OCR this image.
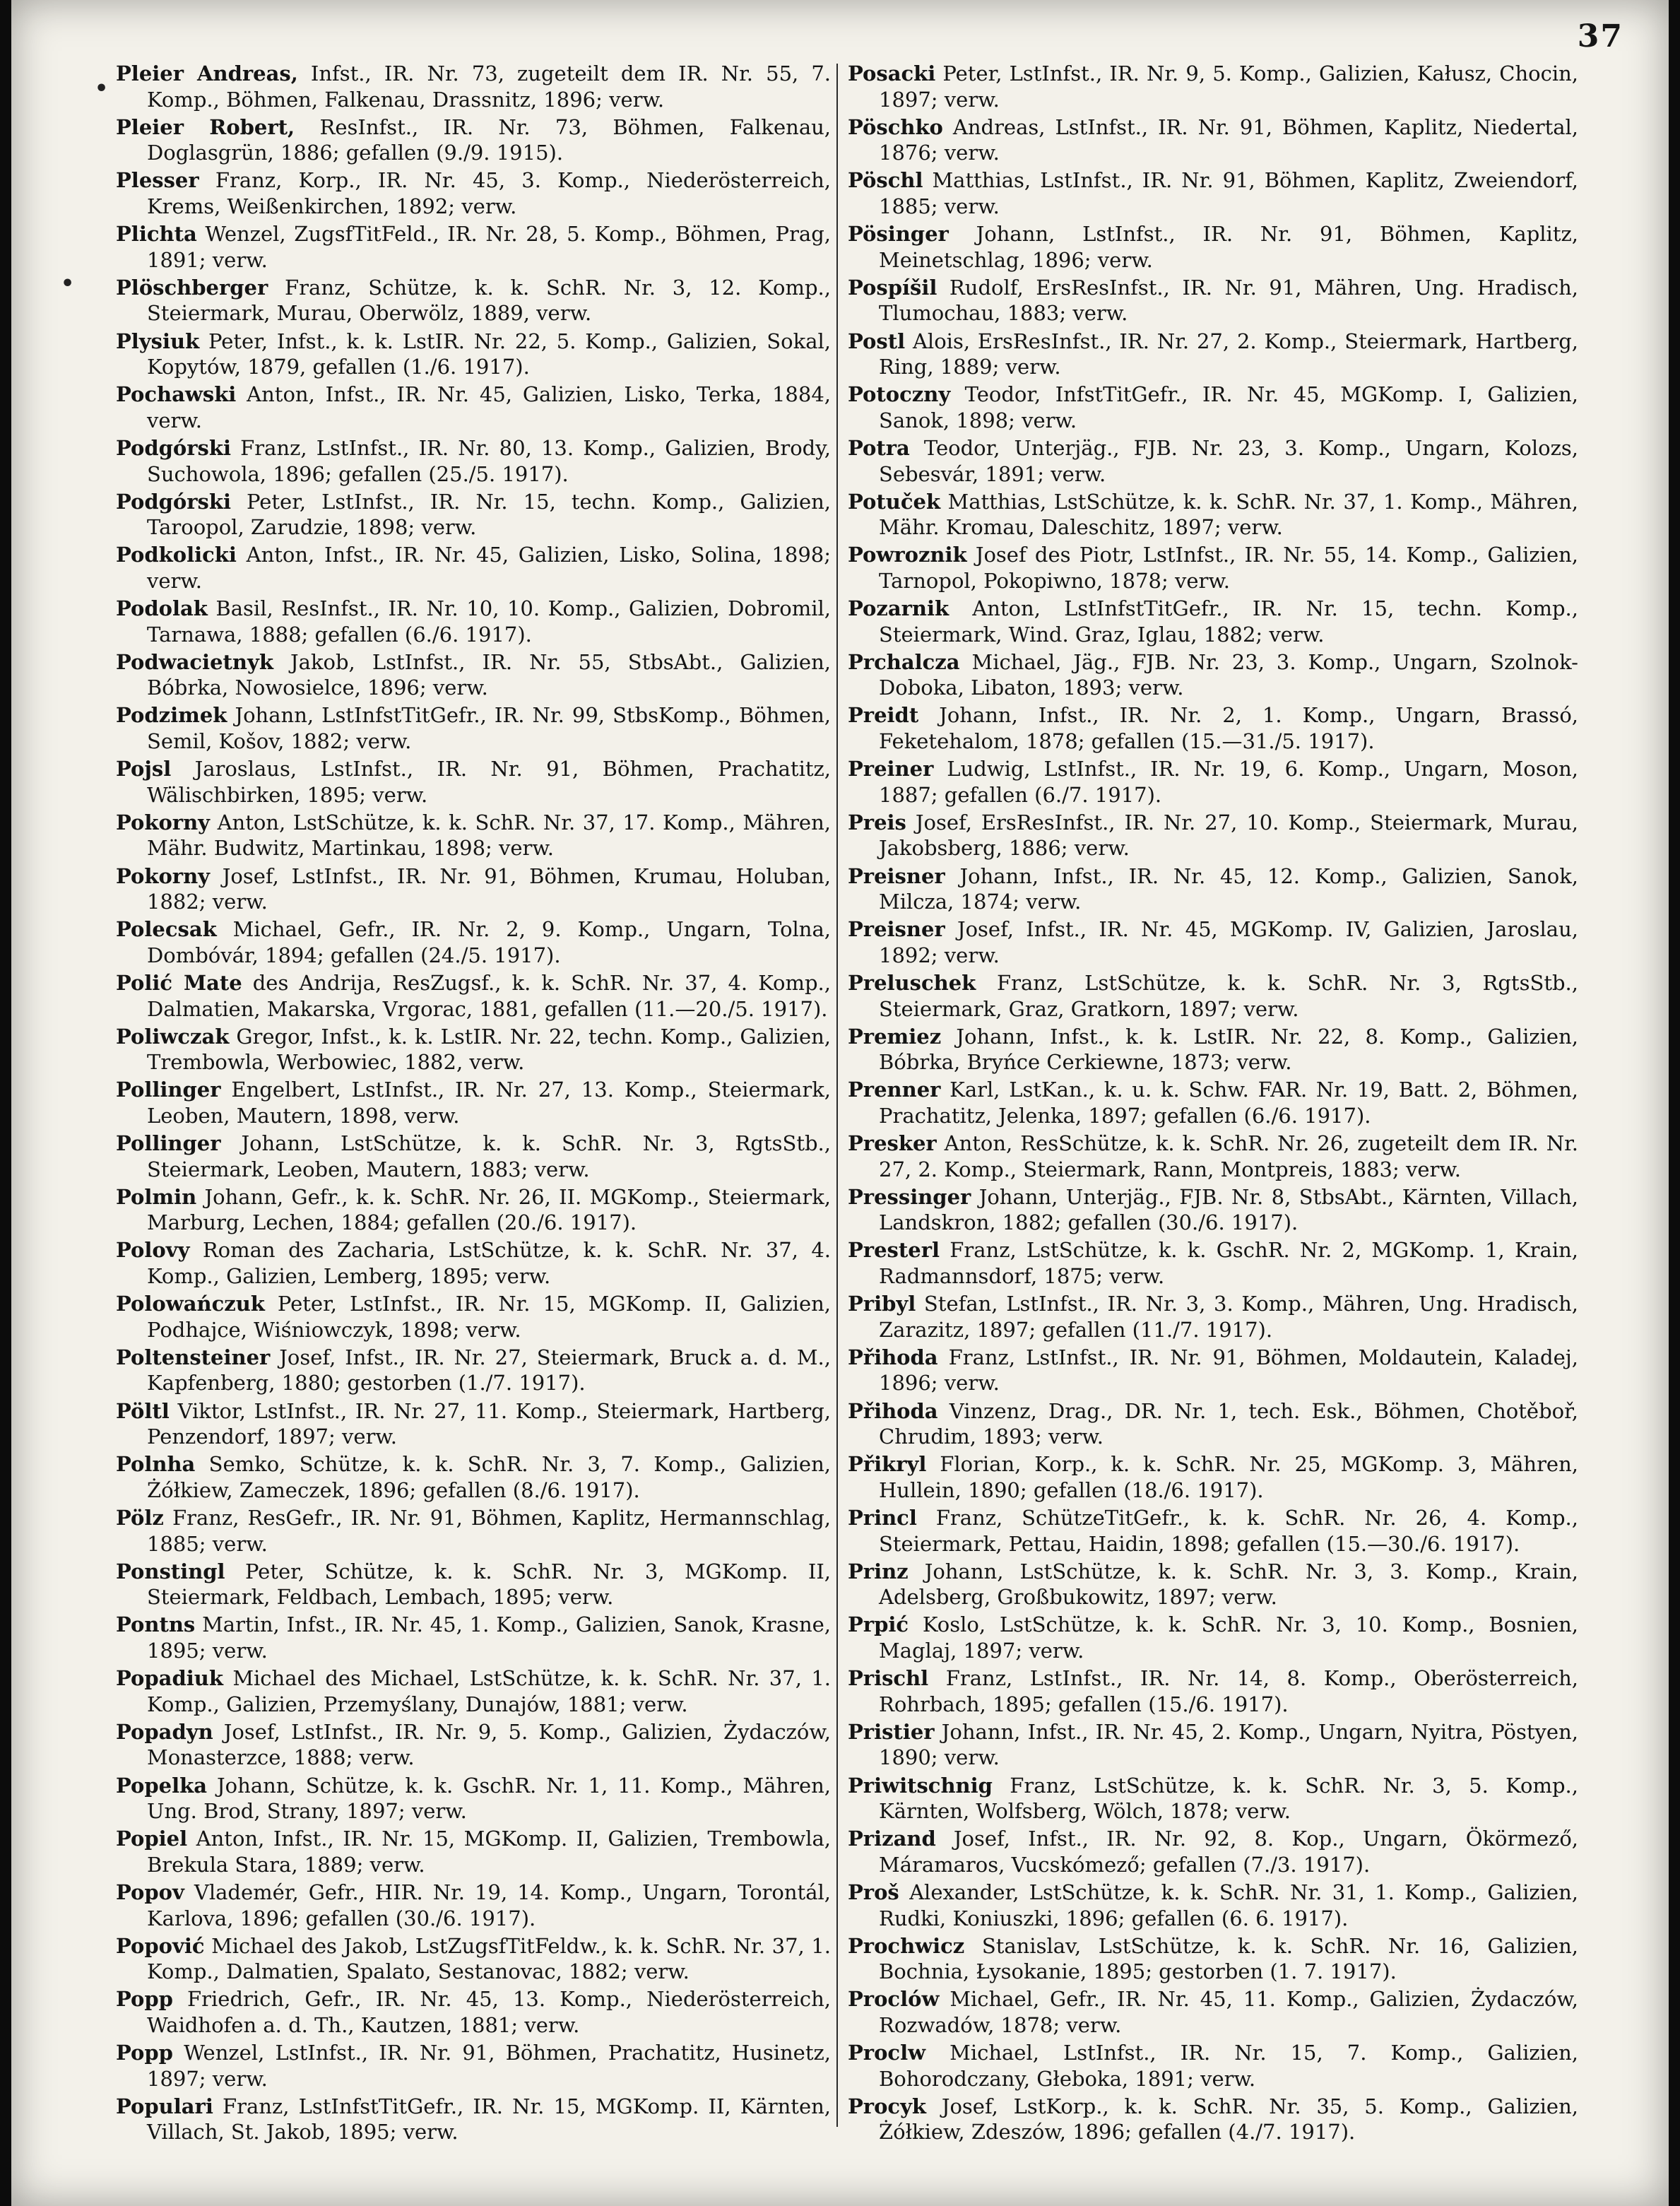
37
•
•
Pleier Andreas, Infst., IR. Nr. 73, zugeteilt dem IR. Nr. 55, 7. Komp., Böhmen, Falkenau, Drassnitz, 1896; verw.
Pleier Robert, ResInfst., IR. Nr. 73, Böhmen, Falkenau, Doglasgrün, 1886; gefallen (9./9. 1915).
Plesser Franz, Korp., IR. Nr. 45, 3. Komp., Niederösterreich, Krems, Weißenkirchen, 1892; verw.
Plichta Wenzel, ZugsfTitFeld., IR. Nr. 28, 5. Komp., Böhmen, Prag, 1891; verw.
Plöschberger Franz, Schütze, k. k. SchR. Nr. 3, 12. Komp., Steiermark, Murau, Oberwölz, 1889, verw.
Plysiuk Peter, Infst., k. k. LstIR. Nr. 22, 5. Komp., Galizien, Sokal, Kopytów, 1879, gefallen (1./6. 1917).
Pochawski Anton, Infst., IR. Nr. 45, Galizien, Lisko, Terka, 1884, verw.
Podgórski Franz, LstInfst., IR. Nr. 80, 13. Komp., Galizien, Brody, Suchowola, 1896; gefallen (25./5. 1917).
Podgórski Peter, LstInfst., IR. Nr. 15, techn. Komp., Galizien, Taroopol, Zarudzie, 1898; verw.
Podkolicki Anton, Infst., IR. Nr. 45, Galizien, Lisko, Solina, 1898; verw.
Podolak Basil, ResInfst., IR. Nr. 10, 10. Komp., Galizien, Dobromil, Tarnawa, 1888; gefallen (6./6. 1917).
Podwacietnyk Jakob, LstInfst., IR. Nr. 55, StbsAbt., Galizien, Bóbrka, Nowosielce, 1896; verw.
Podzimek Johann, LstInfstTitGefr., IR. Nr. 99, StbsKomp., Böhmen, Semil, Košov, 1882; verw.
Pojsl Jaroslaus, LstInfst., IR. Nr. 91, Böhmen, Prachatitz, Wälischbirken, 1895; verw.
Pokorny Anton, LstSchütze, k. k. SchR. Nr. 37, 17. Komp., Mähren, Mähr. Budwitz, Martinkau, 1898; verw.
Pokorny Josef, LstInfst., IR. Nr. 91, Böhmen, Krumau, Holuban, 1882; verw.
Polecsak Michael, Gefr., IR. Nr. 2, 9. Komp., Ungarn, Tolna, Dombóvár, 1894; gefallen (24./5. 1917).
Polić Mate des Andrija, ResZugsf., k. k. SchR. Nr. 37, 4. Komp., Dalmatien, Makarska, Vrgorac, 1881, gefallen (11.—20./5. 1917).
Poliwczak Gregor, Infst., k. k. LstIR. Nr. 22, techn. Komp., Galizien, Trembowla, Werbowiec, 1882, verw.
Pollinger Engelbert, LstInfst., IR. Nr. 27, 13. Komp., Steiermark, Leoben, Mautern, 1898, verw.
Pollinger Johann, LstSchütze, k. k. SchR. Nr. 3, RgtsStb., Steiermark, Leoben, Mautern, 1883; verw.
Polmin Johann, Gefr., k. k. SchR. Nr. 26, II. MGKomp., Steiermark, Marburg, Lechen, 1884; gefallen (20./6. 1917).
Polovy Roman des Zacharia, LstSchütze, k. k. SchR. Nr. 37, 4. Komp., Galizien, Lemberg, 1895; verw.
Polowańczuk Peter, LstInfst., IR. Nr. 15, MGKomp. II, Galizien, Podhajce, Wiśniowczyk, 1898; verw.
Poltensteiner Josef, Infst., IR. Nr. 27, Steiermark, Bruck a. d. M., Kapfenberg, 1880; gestorben (1./7. 1917).
Pöltl Viktor, LstInfst., IR. Nr. 27, 11. Komp., Steiermark, Hartberg, Penzendorf, 1897; verw.
Polnha Semko, Schütze, k. k. SchR. Nr. 3, 7. Komp., Galizien, Żółkiew, Zameczek, 1896; gefallen (8./6. 1917).
Pölz Franz, ResGefr., IR. Nr. 91, Böhmen, Kaplitz, Hermannschlag, 1885; verw.
Ponstingl Peter, Schütze, k. k. SchR. Nr. 3, MGKomp. II, Steiermark, Feldbach, Lembach, 1895; verw.
Pontns Martin, Infst., IR. Nr. 45, 1. Komp., Galizien, Sanok, Krasne, 1895; verw.
Popadiuk Michael des Michael, LstSchütze, k. k. SchR. Nr. 37, 1. Komp., Galizien, Przemyślany, Dunajów, 1881; verw.
Popadyn Josef, LstInfst., IR. Nr. 9, 5. Komp., Galizien, Żydaczów, Monasterzce, 1888; verw.
Popelka Johann, Schütze, k. k. GschR. Nr. 1, 11. Komp., Mähren, Ung. Brod, Strany, 1897; verw.
Popiel Anton, Infst., IR. Nr. 15, MGKomp. II, Galizien, Trembowla, Brekula Stara, 1889; verw.
Popov Vlademér, Gefr., HIR. Nr. 19, 14. Komp., Ungarn, Torontál, Karlova, 1896; gefallen (30./6. 1917).
Popović Michael des Jakob, LstZugsfTitFeldw., k. k. SchR. Nr. 37, 1. Komp., Dalmatien, Spalato, Sestanovac, 1882; verw.
Popp Friedrich, Gefr., IR. Nr. 45, 13. Komp., Niederösterreich, Waidhofen a. d. Th., Kautzen, 1881; verw.
Popp Wenzel, LstInfst., IR. Nr. 91, Böhmen, Prachatitz, Husinetz, 1897; verw.
Populari Franz, LstInfstTitGefr., IR. Nr. 15, MGKomp. II, Kärnten, Villach, St. Jakob, 1895; verw.
Posacki Peter, LstInfst., IR. Nr. 9, 5. Komp., Galizien, Kałusz, Chocin, 1897; verw.
Pöschko Andreas, LstInfst., IR. Nr. 91, Böhmen, Kaplitz, Niedertal, 1876; verw.
Pöschl Matthias, LstInfst., IR. Nr. 91, Böhmen, Kaplitz, Zweiendorf, 1885; verw.
Pösinger Johann, LstInfst., IR. Nr. 91, Böhmen, Kaplitz, Meinetschlag, 1896; verw.
Pospíšil Rudolf, ErsResInfst., IR. Nr. 91, Mähren, Ung. Hradisch, Tlumochau, 1883; verw.
Postl Alois, ErsResInfst., IR. Nr. 27, 2. Komp., Steiermark, Hartberg, Ring, 1889; verw.
Potoczny Teodor, InfstTitGefr., IR. Nr. 45, MGKomp. I, Galizien, Sanok, 1898; verw.
Potra Teodor, Unterjäg., FJB. Nr. 23, 3. Komp., Ungarn, Kolozs, Sebesvár, 1891; verw.
Potuček Matthias, LstSchütze, k. k. SchR. Nr. 37, 1. Komp., Mähren, Mähr. Kromau, Daleschitz, 1897; verw.
Powroznik Josef des Piotr, LstInfst., IR. Nr. 55, 14. Komp., Galizien, Tarnopol, Pokopiwno, 1878; verw.
Pozarnik Anton, LstInfstTitGefr., IR. Nr. 15, techn. Komp., Steiermark, Wind. Graz, Iglau, 1882; verw.
Prchalcza Michael, Jäg., FJB. Nr. 23, 3. Komp., Ungarn, Szolnok-Doboka, Libaton, 1893; verw.
Preidt Johann, Infst., IR. Nr. 2, 1. Komp., Ungarn, Brassó, Feketehalom, 1878; gefallen (15.—31./5. 1917).
Preiner Ludwig, LstInfst., IR. Nr. 19, 6. Komp., Ungarn, Moson, 1887; gefallen (6./7. 1917).
Preis Josef, ErsResInfst., IR. Nr. 27, 10. Komp., Steiermark, Murau, Jakobsberg, 1886; verw.
Preisner Johann, Infst., IR. Nr. 45, 12. Komp., Galizien, Sanok, Milcza, 1874; verw.
Preisner Josef, Infst., IR. Nr. 45, MGKomp. IV, Galizien, Jaroslau, 1892; verw.
Preluschek Franz, LstSchütze, k. k. SchR. Nr. 3, RgtsStb., Steiermark, Graz, Gratkorn, 1897; verw.
Premiez Johann, Infst., k. k. LstIR. Nr. 22, 8. Komp., Galizien, Bóbrka, Bryńce Cerkiewne, 1873; verw.
Prenner Karl, LstKan., k. u. k. Schw. FAR. Nr. 19, Batt. 2, Böhmen, Prachatitz, Jelenka, 1897; gefallen (6./6. 1917).
Presker Anton, ResSchütze, k. k. SchR. Nr. 26, zugeteilt dem IR. Nr. 27, 2. Komp., Steiermark, Rann, Montpreis, 1883; verw.
Pressinger Johann, Unterjäg., FJB. Nr. 8, StbsAbt., Kärnten, Villach, Landskron, 1882; gefallen (30./6. 1917).
Presterl Franz, LstSchütze, k. k. GschR. Nr. 2, MGKomp. 1, Krain, Radmannsdorf, 1875; verw.
Pribyl Stefan, LstInfst., IR. Nr. 3, 3. Komp., Mähren, Ung. Hradisch, Zarazitz, 1897; gefallen (11./7. 1917).
Přihoda Franz, LstInfst., IR. Nr. 91, Böhmen, Moldautein, Kaladej, 1896; verw.
Přihoda Vinzenz, Drag., DR. Nr. 1, tech. Esk., Böhmen, Chotěboř, Chrudim, 1893; verw.
Přikryl Florian, Korp., k. k. SchR. Nr. 25, MGKomp. 3, Mähren, Hullein, 1890; gefallen (18./6. 1917).
Princl Franz, SchützeTitGefr., k. k. SchR. Nr. 26, 4. Komp., Steiermark, Pettau, Haidin, 1898; gefallen (15.—30./6. 1917).
Prinz Johann, LstSchütze, k. k. SchR. Nr. 3, 3. Komp., Krain, Adelsberg, Großbukowitz, 1897; verw.
Prpić Koslo, LstSchütze, k. k. SchR. Nr. 3, 10. Komp., Bosnien, Maglaj, 1897; verw.
Prischl Franz, LstInfst., IR. Nr. 14, 8. Komp., Oberösterreich, Rohrbach, 1895; gefallen (15./6. 1917).
Pristier Johann, Infst., IR. Nr. 45, 2. Komp., Ungarn, Nyitra, Pöstyen, 1890; verw.
Priwitschnig Franz, LstSchütze, k. k. SchR. Nr. 3, 5. Komp., Kärnten, Wolfsberg, Wölch, 1878; verw.
Prizand Josef, Infst., IR. Nr. 92, 8. Kop., Ungarn, Ökörmező, Máramaros, Vucskómező; gefallen (7./3. 1917).
Proš Alexander, LstSchütze, k. k. SchR. Nr. 31, 1. Komp., Galizien, Rudki, Koniuszki, 1896; gefallen (6. 6. 1917).
Prochwicz Stanislav, LstSchütze, k. k. SchR. Nr. 16, Galizien, Bochnia, Łysokanie, 1895; gestorben (1. 7. 1917).
Proclów Michael, Gefr., IR. Nr. 45, 11. Komp., Galizien, Żydaczów, Rozwadów, 1878; verw.
Proclw Michael, LstInfst., IR. Nr. 15, 7. Komp., Galizien, Bohorodczany, Głeboka, 1891; verw.
Procyk Josef, LstKorp., k. k. SchR. Nr. 35, 5. Komp., Galizien, Żółkiew, Zdeszów, 1896; gefallen (4./7. 1917).
